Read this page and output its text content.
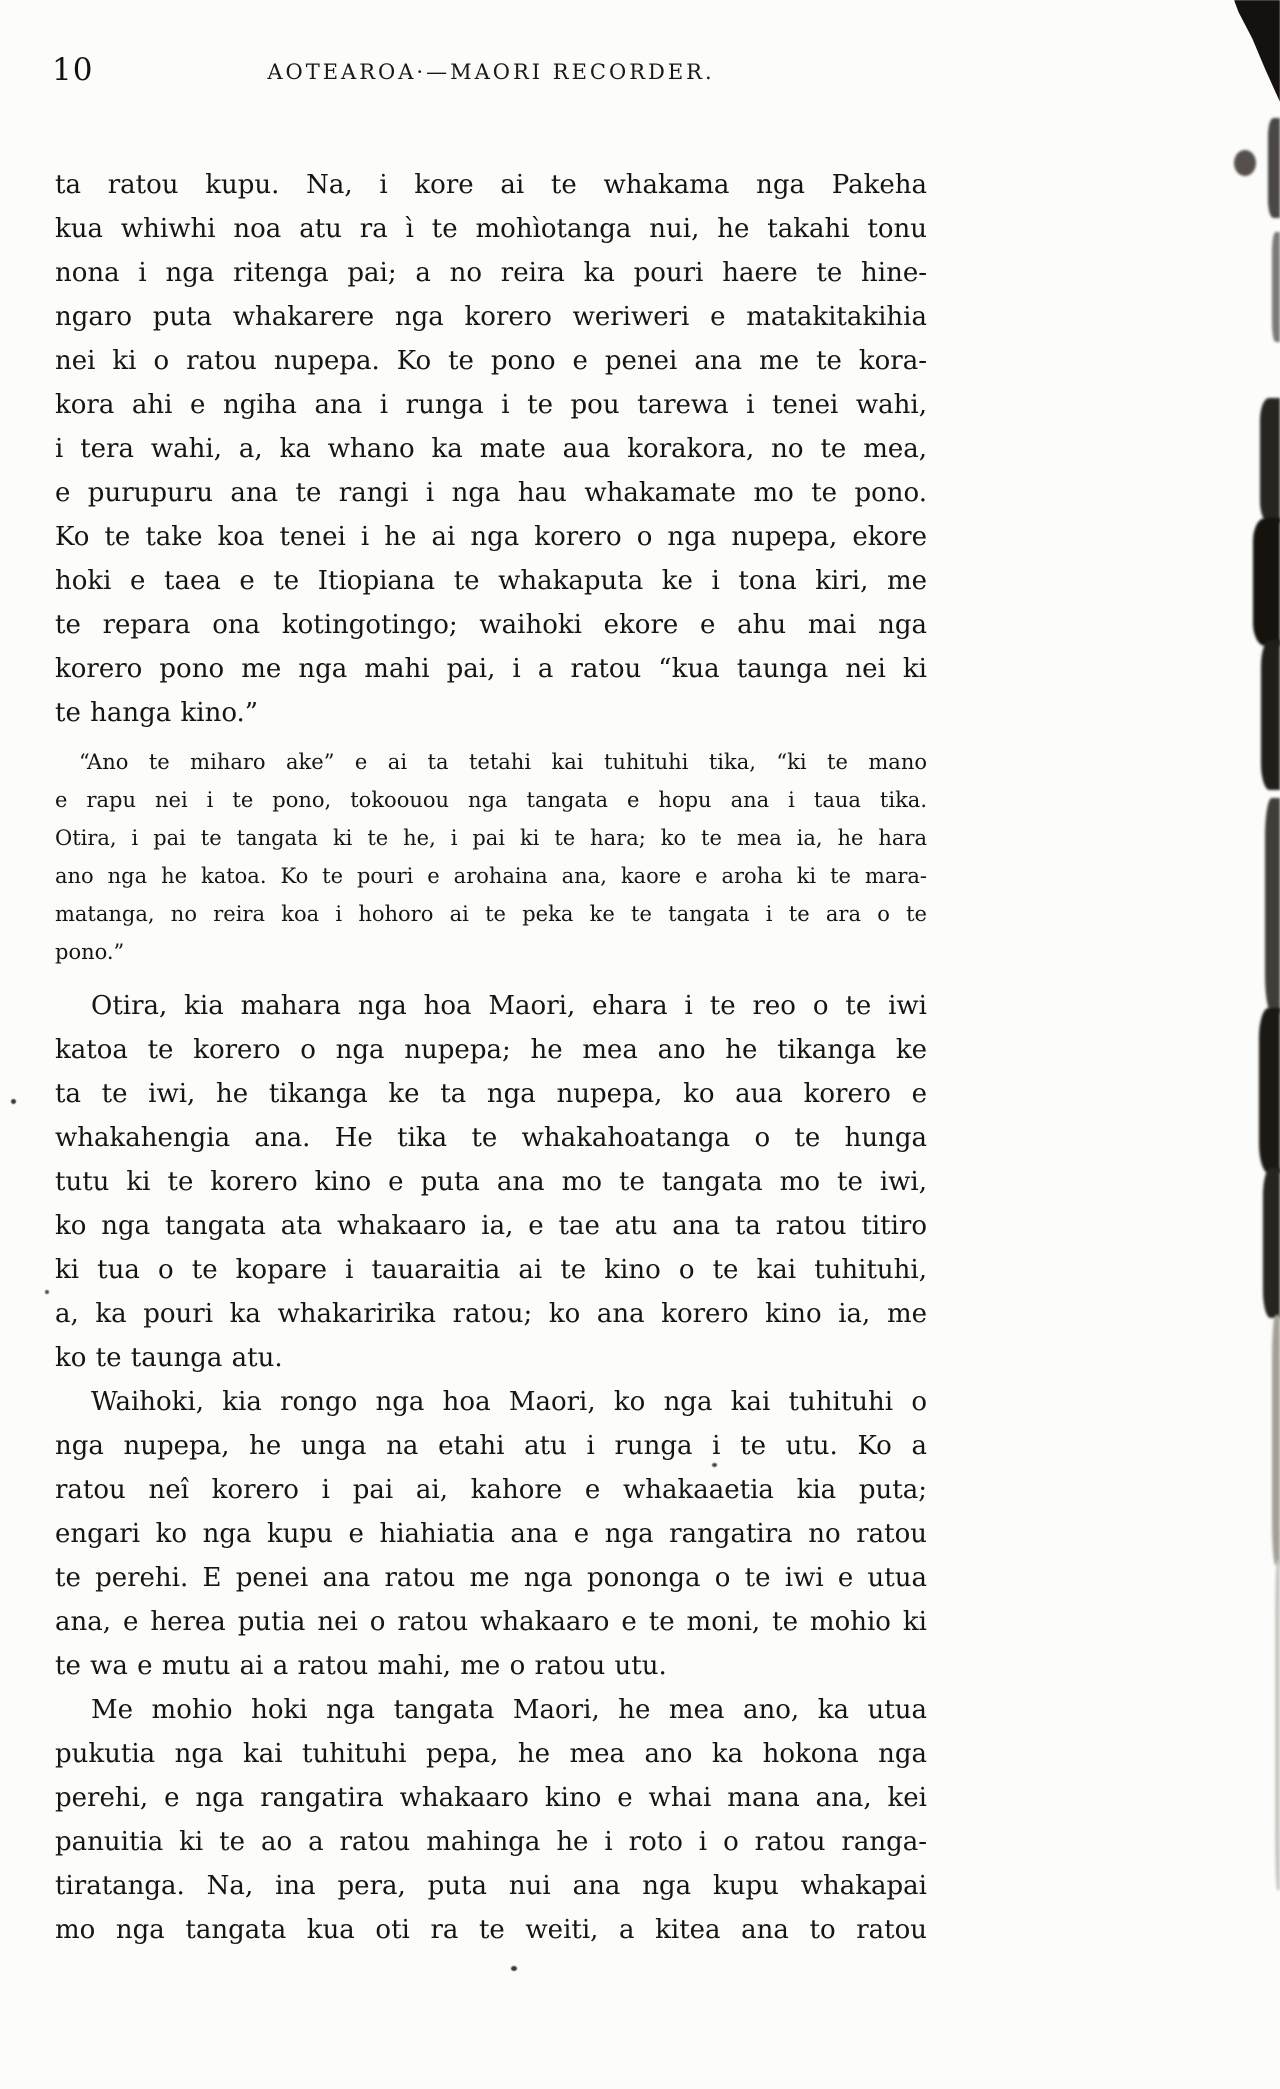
10	AOTEAROA·—MAORI RECORDER.
ta ratou kupu. Na, i kore ai te whakama nga Pakeha
kua whiwhi noa atu ra ì te mohìotanga nui, he takahi tonu
nona i nga ritenga pai; a no reira ka pouri haere te hine-
ngaro puta whakarere nga korero weriweri e matakitakihia
nei ki o ratou nupepa. Ko te pono e penei ana me te kora-
kora ahi e ngiha ana i runga i te pou tarewa i tenei wahi,
i tera wahi, a, ka whano ka mate aua korakora, no te mea,
e purupuru ana te rangi i nga hau whakamate mo te pono.
Ko te take koa tenei i he ai nga korero o nga nupepa, ekore
hoki e taea e te Itiopiana te whakaputa ke i tona kiri, me
te repara ona kotingotingo; waihoki ekore e ahu mai nga
korero pono me nga mahi pai, i a ratou “kua taunga nei ki
te hanga kino.”
“Ano te miharo ake” e ai ta tetahi kai tuhituhi tika, “ki te mano
e rapu nei i te pono, tokoouou nga tangata e hopu ana i taua tika.
Otira, i pai te tangata ki te he, i pai ki te hara; ko te mea ia, he hara
ano nga he katoa. Ko te pouri e arohaina ana, kaore e aroha ki te mara-
matanga, no reira koa i hohoro ai te peka ke te tangata i te ara o te
pono.”
Otira, kia mahara nga hoa Maori, ehara i te reo o te iwi
katoa te korero o nga nupepa; he mea ano he tikanga ke
ta te iwi, he tikanga ke ta nga nupepa, ko aua korero e
whakahengia ana. He tika te whakahoatanga o te hunga
tutu ki te korero kino e puta ana mo te tangata mo te iwi,
ko nga tangata ata whakaaro ia, e tae atu ana ta ratou titiro
ki tua o te kopare i tauaraitia ai te kino o te kai tuhituhi,
a, ka pouri ka whakaririka ratou; ko ana korero kino ia, me
ko te taunga atu.
Waihoki, kia rongo nga hoa Maori, ko nga kai tuhituhi o
nga nupepa, he unga na etahi atu i runga i te utu. Ko a
ratou neî korero i pai ai, kahore e whakaaetia kia puta;
engari ko nga kupu e hiahiatia ana e nga rangatira no ratou
te perehi. E penei ana ratou me nga pononga o te iwi e utua
ana, e herea putia nei o ratou whakaaro e te moni, te mohio ki
te wa e mutu ai a ratou mahi, me o ratou utu.
Me mohio hoki nga tangata Maori, he mea ano, ka utua
pukutia nga kai tuhituhi pepa, he mea ano ka hokona nga
perehi, e nga rangatira whakaaro kino e whai mana ana, kei
panuitia ki te ao a ratou mahinga he i roto i o ratou ranga-
tiratanga. Na, ina pera, puta nui ana nga kupu whakapai
mo nga tangata kua oti ra te weiti, a kitea ana to ratou
